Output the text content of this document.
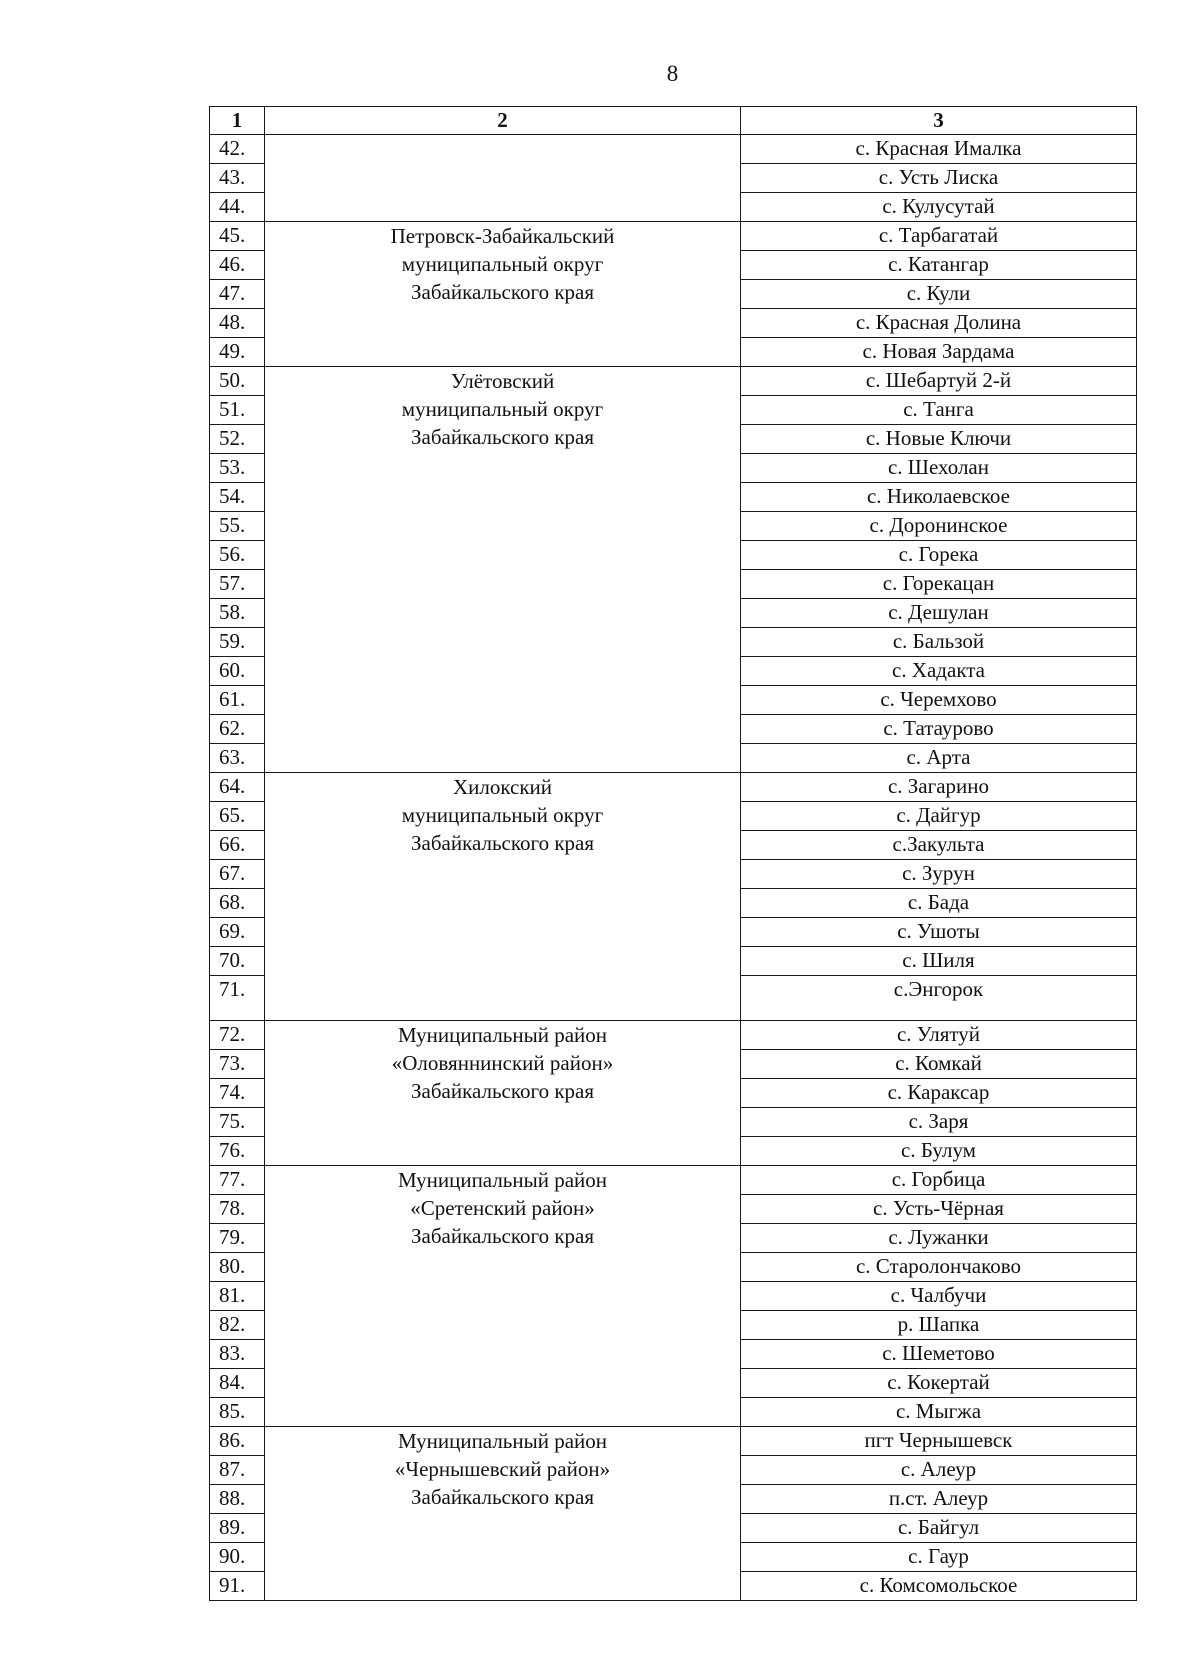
8
1	2	3
42.		с. Красная Ималка
43.		с. Усть Лиска
44.		с. Кулусутай
45.	Петровск-Забайкальский
муниципальный округ
Забайкальского края	с. Тарбагатай
46.		с. Катангар
47.		с. Кули
48.		с. Красная Долина
49.		с. Новая Зардама
50.	Улётовский
муниципальный округ
Забайкальского края	с. Шебартуй 2-й
51.		с. Танга
52.		с. Новые Ключи
53.		с. Шехолан
54.		с. Николаевское
55.		с. Доронинское
56.		с. Горека
57.		с. Горекацан
58.		с. Дешулан
59.		с. Бальзой
60.		с. Хадакта
61.		с. Черемхово
62.		с. Татаурово
63.		с. Арта
64.	Хилокский
муниципальный округ
Забайкальского края	с. Загарино
65.		с. Дайгур
66.		с.Закульта
67.		с. Зурун
68.		с. Бада
69.		с. Ушоты
70.		с. Шиля
71.		с.Энгорок
72.	Муниципальный район
«Оловяннинский район»
Забайкальского края	с. Улятуй
73.		с. Комкай
74.		с. Караксар
75.		с. Заря
76.		с. Булум
77.	Муниципальный район
«Сретенский район»
Забайкальского края	с. Горбица
78.		с. Усть-Чёрная
79.		с. Лужанки
80.		с. Старолончаково
81.		с. Чалбучи
82.		р. Шапка
83.		с. Шеметово
84.		с. Кокертай
85.		с. Мыгжа
86.	Муниципальный район
«Чернышевский район»
Забайкальского края	пгт Чернышевск
87.		с. Алеур
88.		п.ст. Алеур
89.		с. Байгул
90.		с. Гаур
91.		с. Комсомольское
